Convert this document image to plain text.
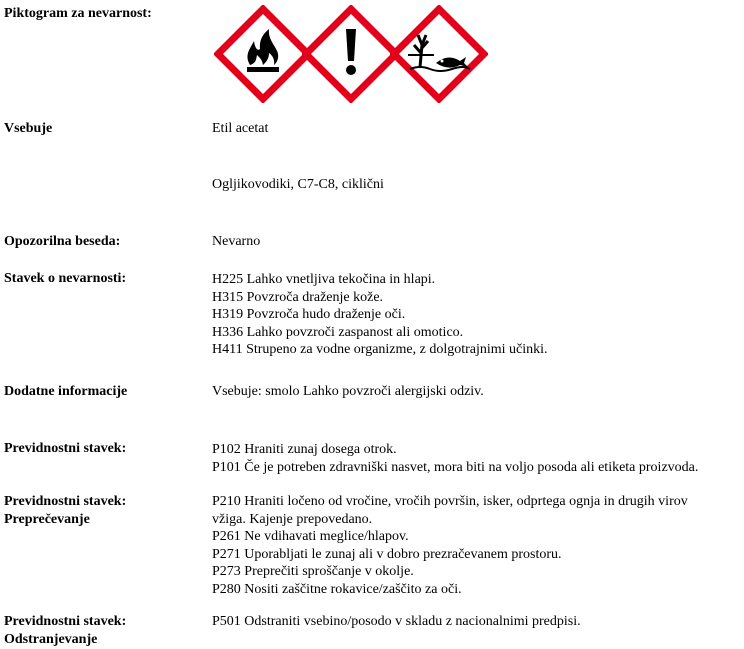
Piktogram za nevarnost:
Vsebuje	Etil acetat
Ogljikovodiki, C7-C8, ciklični
Opozorilna beseda:	Nevarno
Stavek o nevarnosti:	H225 Lahko vnetljiva tekočina in hlapi.
H315 Povzroča draženje kože.
H319 Povzroča hudo draženje oči.
H336 Lahko povzroči zaspanost ali omotico.
H411 Strupeno za vodne organizme, z dolgotrajnimi učinki.
Dodatne informacije	Vsebuje: smolo Lahko povzroči alergijski odziv.
Previdnostni stavek:	P102 Hraniti zunaj dosega otrok.
P101 Če je potreben zdravniški nasvet, mora biti na voljo posoda ali etiketa proizvoda.
Previdnostni stavek:
Preprečevanje
P210 Hraniti ločeno od vročine, vročih površin, isker, odprtega ognja in drugih virov
vžiga. Kajenje prepovedano.
P261 Ne vdihavati meglice/hlapov.
P271 Uporabljati le zunaj ali v dobro prezračevanem prostoru.
P273 Preprečiti sproščanje v okolje.
P280 Nositi zaščitne rokavice/zaščito za oči.
Previdnostni stavek:
Odstranjevanje
P501 Odstraniti vsebino/posodo v skladu z nacionalnimi predpisi.
